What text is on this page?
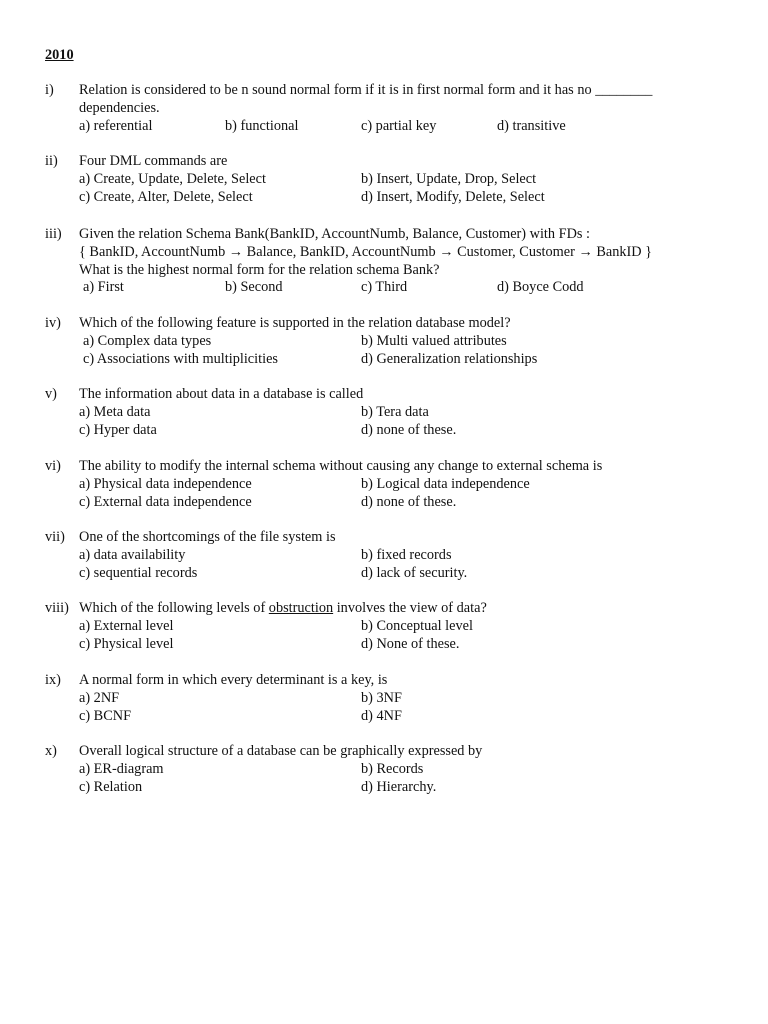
2010
i) Relation is considered to be n sound normal form if it is in first normal form and it has no ________
dependencies.
a) referential	b) functional	c) partial key	d) transitive
ii) Four DML commands are
a) Create, Update, Delete, Select	b) Insert, Update, Drop, Select
c) Create, Alter, Delete, Select	d) Insert, Modify, Delete, Select
iii) Given the relation Schema Bank(BankID, AccountNumb, Balance, Customer) with FDs :
{ BankID, AccountNumb → Balance, BankID, AccountNumb → Customer, Customer → BankID }
What is the highest normal form for the relation schema Bank?
a) First	b) Second	c) Third	d) Boyce Codd
iv) Which of the following feature is supported in the relation database model?
a) Complex data types	b) Multi valued attributes
c) Associations with multiplicities	d) Generalization relationships
v) The information about data in a database is called
a) Meta data	b) Tera data
c) Hyper data	d) none of these.
vi) The ability to modify the internal schema without causing any change to external schema is
a) Physical data independence	b) Logical data independence
c) External data independence	d) none of these.
vii) One of the shortcomings of the file system is
a) data availability	b) fixed records
c) sequential records	d) lack of security.
viii) Which of the following levels of obstruction involves the view of data?
a) External level	b) Conceptual level
c) Physical level	d) None of these.
ix) A normal form in which every determinant is a key, is
a) 2NF	b) 3NF
c) BCNF	d) 4NF
x) Overall logical structure of a database can be graphically expressed by
a) ER-diagram	b) Records
c) Relation	d) Hierarchy.
